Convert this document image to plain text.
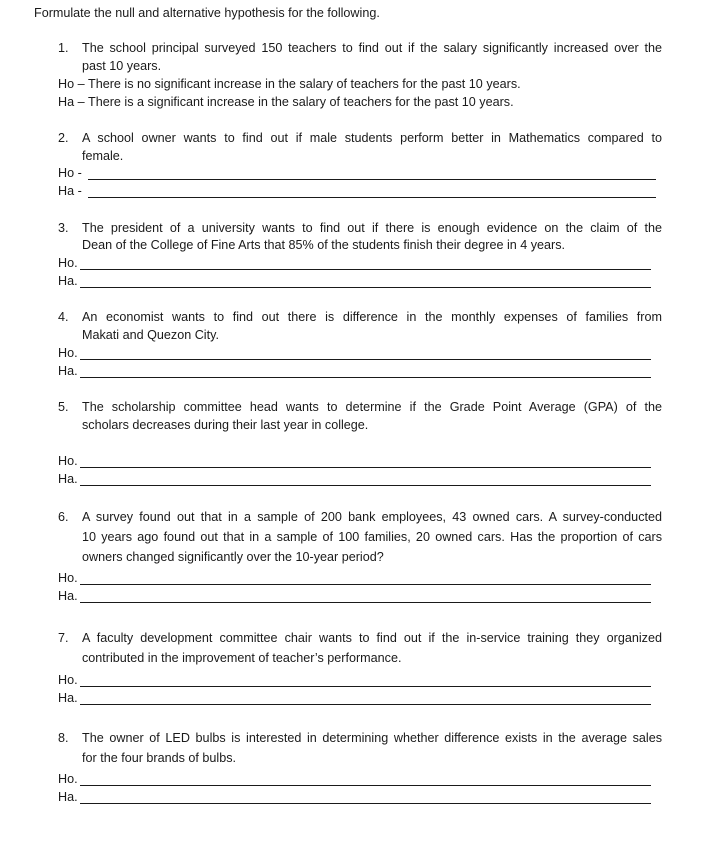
Formulate the null and alternative hypothesis for the following.
1. The school principal surveyed 150 teachers to find out if the salary significantly increased over the
past 10 years.
Ho – There is no significant increase in the salary of teachers for the past 10 years.
Ha – There is a significant increase in the salary of teachers for the past 10 years.
2. A school owner wants to find out if male students perform better in Mathematics compared to
female.
Ho -
Ha -
3. The president of a university wants to find out if there is enough evidence on the claim of the
Dean of the College of Fine Arts that 85% of the students finish their degree in 4 years.
Ho.
Ha.
4. An economist wants to find out there is difference in the monthly expenses of families from
Makati and Quezon City.
Ho.
Ha.
5. The scholarship committee head wants to determine if the Grade Point Average (GPA) of the
scholars decreases during their last year in college.
Ho.
Ha.
6. A survey found out that in a sample of 200 bank employees, 43 owned cars. A survey-conducted
10 years ago found out that in a sample of 100 families, 20 owned cars. Has the proportion of cars
owners changed significantly over the 10-year period?
Ho.
Ha.
7. A faculty development committee chair wants to find out if the in-service training they organized
contributed in the improvement of teacher’s performance.
Ho.
Ha.
8. The owner of LED bulbs is interested in determining whether difference exists in the average sales
for the four brands of bulbs.
Ho.
Ha.
